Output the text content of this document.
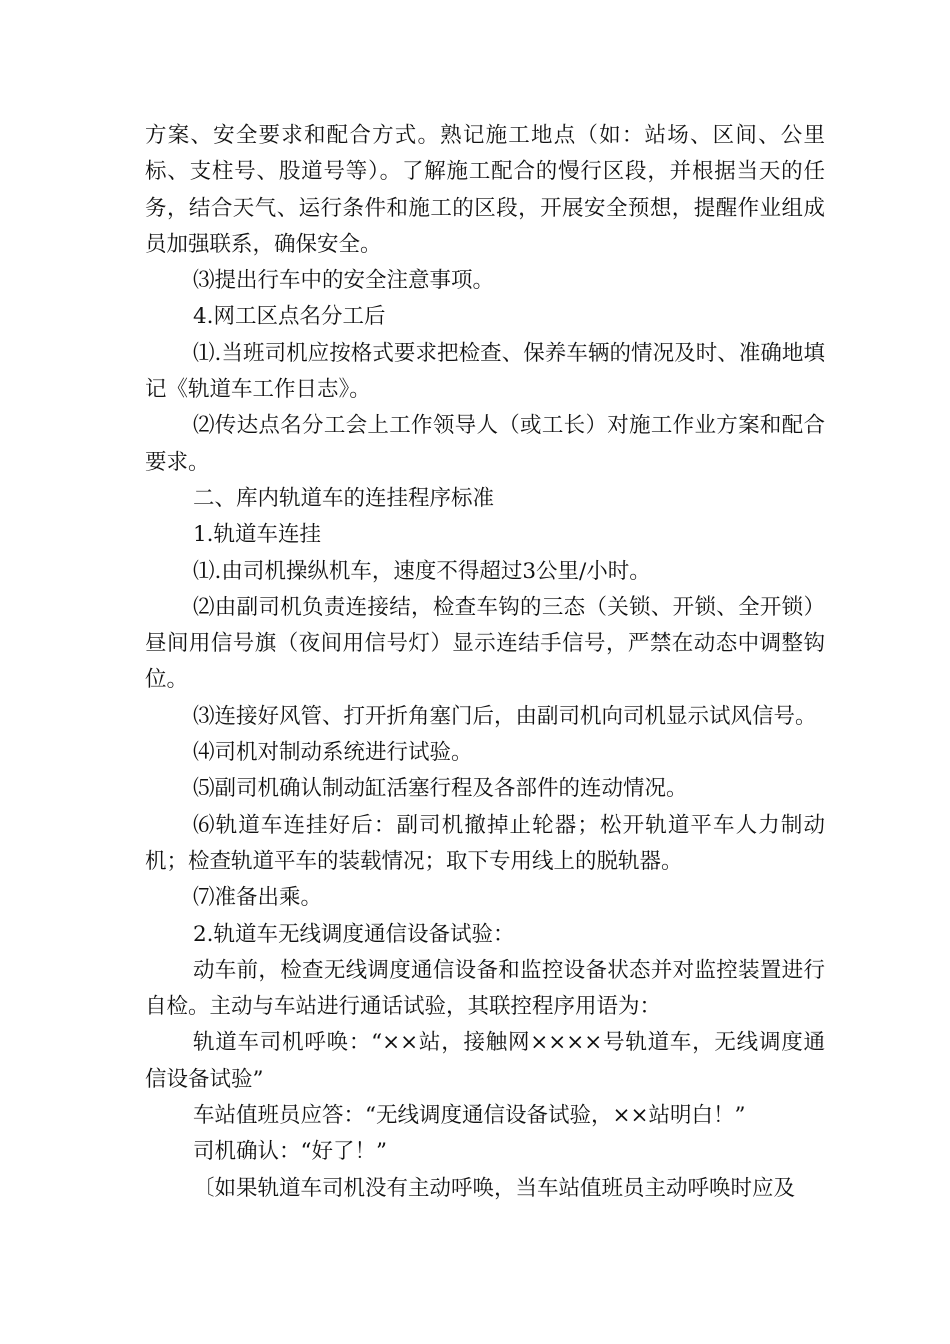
方案、安全要求和配合方式。熟记施工地点（如：站场、区间、公里标、支柱号、股道号等）。了解施工配合的慢行区段，并根据当天的任务，结合天气、运行条件和施工的区段，开展安全预想，提醒作业组成员加强联系，确保安全。

⑶提出行车中的安全注意事项。

4.网工区点名分工后

⑴.当班司机应按格式要求把检查、保养车辆的情况及时、准确地填记《轨道车工作日志》。

⑵传达点名分工会上工作领导人（或工长）对施工作业方案和配合要求。

二、库内轨道车的连挂程序标准

1.轨道车连挂

⑴.由司机操纵机车，速度不得超过3公里/小时。

⑵由副司机负责连接结，检查车钩的三态（关锁、开锁、全开锁）昼间用信号旗（夜间用信号灯）显示连结手信号，严禁在动态中调整钩位。

⑶连接好风管、打开折角塞门后，由副司机向司机显示试风信号。

⑷司机对制动系统进行试验。

⑸副司机确认制动缸活塞行程及各部件的连动情况。

⑹轨道车连挂好后：副司机撤掉止轮器；松开轨道平车人力制动机；检查轨道平车的装载情况；取下专用线上的脱轨器。

⑺准备出乘。

2.轨道车无线调度通信设备试验：

动车前，检查无线调度通信设备和监控设备状态并对监控装置进行自检。主动与车站进行通话试验，其联控程序用语为：

轨道车司机呼唤：“××站，接触网××××号轨道车，无线调度通信设备试验”

车站值班员应答：“无线调度通信设备试验，××站明白！”

司机确认：“好了！”

〔如果轨道车司机没有主动呼唤，当车站值班员主动呼唤时应及
